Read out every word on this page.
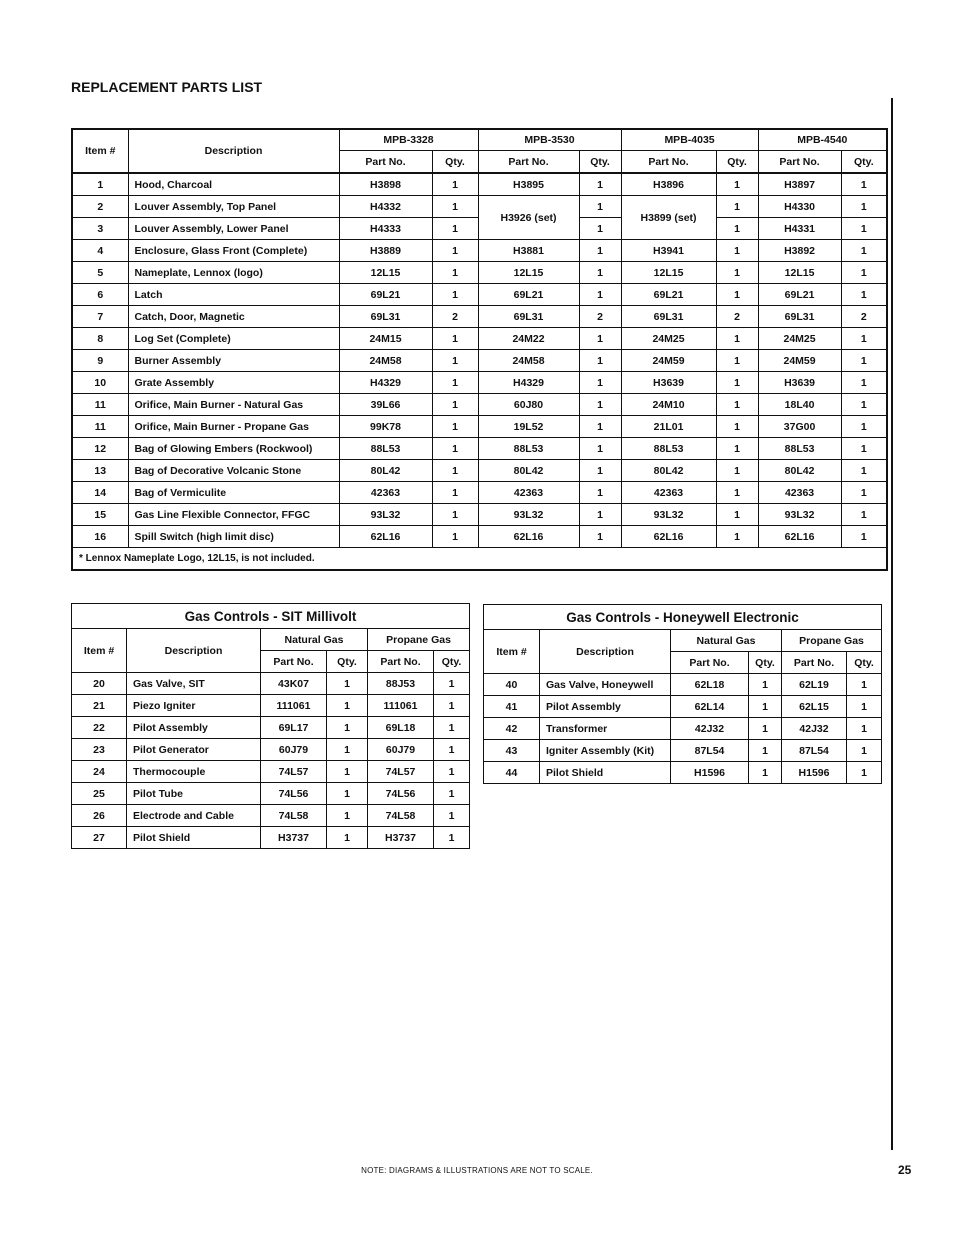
REPLACEMENT PARTS LIST
Item #	Description	MPB-3328		MPB-3530		MPB-4035		MPB-4540	
		Part No.	Qty.	Part No.	Qty.	Part No.	Qty.	Part No.	Qty.
1	Hood, Charcoal	H3898	1	H3895	1	H3896	1	H3897	1
2	Louver Assembly, Top Panel	H4332	1	H3926 (set)	1	H3899 (set)	1	H4330	1
3	Louver Assembly, Lower Panel	H4333	1		1		1	H4331	1
4	Enclosure, Glass Front (Complete)	H3889	1	H3881	1	H3941	1	H3892	1
5	Nameplate, Lennox (logo)	12L15	1	12L15	1	12L15	1	12L15	1
6	Latch	69L21	1	69L21	1	69L21	1	69L21	1
7	Catch, Door, Magnetic	69L31	2	69L31	2	69L31	2	69L31	2
8	Log Set (Complete)	24M15	1	24M22	1	24M25	1	24M25	1
9	Burner Assembly	24M58	1	24M58	1	24M59	1	24M59	1
10	Grate Assembly	H4329	1	H4329	1	H3639	1	H3639	1
11	Orifice, Main Burner - Natural Gas	39L66	1	60J80	1	24M10	1	18L40	1
11	Orifice, Main Burner - Propane Gas	99K78	1	19L52	1	21L01	1	37G00	1
12	Bag of Glowing Embers (Rockwool)	88L53	1	88L53	1	88L53	1	88L53	1
13	Bag of Decorative Volcanic Stone	80L42	1	80L42	1	80L42	1	80L42	1
14	Bag of Vermiculite	42363	1	42363	1	42363	1	42363	1
15	Gas Line Flexible Connector, FFGC	93L32	1	93L32	1	93L32	1	93L32	1
16	Spill Switch (high limit disc)	62L16	1	62L16	1	62L16	1	62L16	1
* Lennox Nameplate Logo, 12L15, is not included.									
Gas Controls - SIT Millivolt					
Item #	Description	Natural Gas		Propane Gas	
		Part No.	Qty.	Part No.	Qty.
20	Gas Valve, SIT	43K07	1	88J53	1
21	Piezo Igniter	111061	1	111061	1
22	Pilot Assembly	69L17	1	69L18	1
23	Pilot Generator	60J79	1	60J79	1
24	Thermocouple	74L57	1	74L57	1
25	Pilot Tube	74L56	1	74L56	1
26	Electrode and Cable	74L58	1	74L58	1
27	Pilot Shield	H3737	1	H3737	1
Gas Controls - Honeywell Electronic					
Item #	Description	Natural Gas		Propane Gas	
		Part No.	Qty.	Part No.	Qty.
40	Gas Valve, Honeywell	62L18	1	62L19	1
41	Pilot Assembly	62L14	1	62L15	1
42	Transformer	42J32	1	42J32	1
43	Igniter Assembly (Kit)	87L54	1	87L54	1
44	Pilot Shield	H1596	1	H1596	1
NOTE: DIAGRAMS & ILLUSTRATIONS ARE NOT TO SCALE.	25
